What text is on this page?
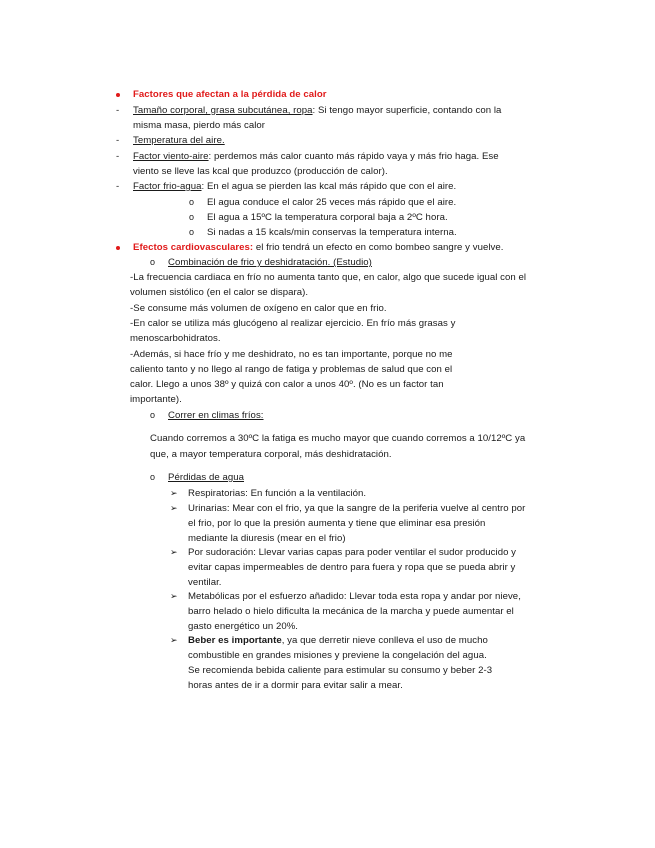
Factores que afectan a la pérdida de calor
- Tamaño corporal, grasa subcutánea, ropa: Si tengo mayor superficie, contando con la
misma masa, pierdo más calor
- Temperatura del aire.
- Factor viento-aire: perdemos más calor cuanto más rápido vaya y más frio haga. Ese
viento se lleve las kcal que produzco (producción de calor).
- Factor frio-agua: En el agua se pierden las kcal más rápido que con el aire.
o El agua conduce el calor 25 veces más rápido que el aire.
o El agua a 15ºC la temperatura corporal baja a 2ºC hora.
o Si nadas a 15 kcals/min conservas la temperatura interna.
Efectos cardiovasculares: el frio tendrá un efecto en como bombeo sangre y vuelve.
o Combinación de frio y deshidratación. (Estudio)
-La frecuencia cardiaca en frío no aumenta tanto que, en calor, algo que sucede igual con el
volumen sistólico (en el calor se dispara).
-Se consume más volumen de oxígeno en calor que en frio.
-En calor se utiliza más glucógeno al realizar ejercicio. En frío más grasas y
menoscarbohidratos.
-Además, si hace frío y me deshidrato, no es tan importante, porque no me
caliento tanto y no llego al rango de fatiga y problemas de salud que con el
calor. Llego a unos 38º y quizá con calor a unos 40º. (No es un factor tan
importante).
o Correr en climas fríos:
Cuando corremos a 30ºC la fatiga es mucho mayor que cuando corremos a 10/12ºC ya
que, a mayor temperatura corporal, más deshidratación.
o Pérdidas de agua
➢ Respiratorias: En función a la ventilación.
➢ Urinarias: Mear con el frio, ya que la sangre de la periferia vuelve al centro por
el frio, por lo que la presión aumenta y tiene que eliminar esa presión
mediante la diuresis (mear en el frio)
➢ Por sudoración: Llevar varias capas para poder ventilar el sudor producido y
evitar capas impermeables de dentro para fuera y ropa que se pueda abrir y
ventilar.
➢ Metabólicas por el esfuerzo añadido: Llevar toda esta ropa y andar por nieve,
barro helado o hielo dificulta la mecánica de la marcha y puede aumentar el
gasto energético un 20%.
➢ Beber es importante, ya que derretir nieve conlleva el uso de mucho
combustible en grandes misiones y previene la congelación del agua.
Se recomienda bebida caliente para estimular su consumo y beber 2-3
horas antes de ir a dormir para evitar salir a mear.
